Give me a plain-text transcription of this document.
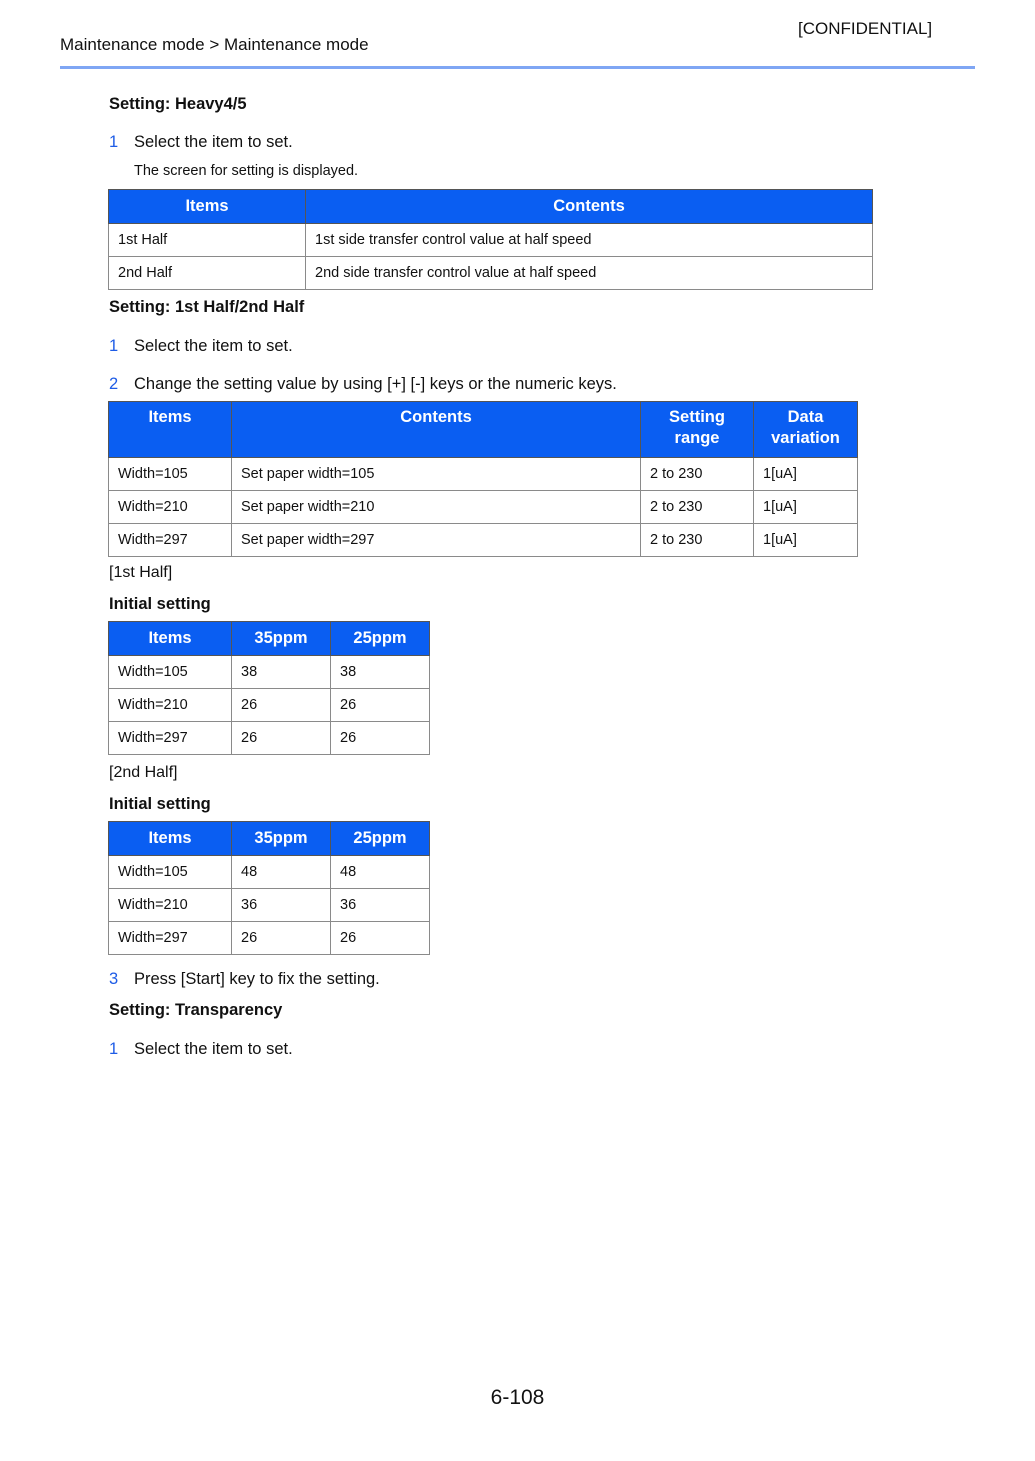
[CONFIDENTIAL]
Maintenance mode > Maintenance mode
Setting: Heavy4/5
1 Select the item to set.
The screen for setting is displayed.
Items	Contents
1st Half	1st side transfer control value at half speed
2nd Half	2nd side transfer control value at half speed
Setting: 1st Half/2nd Half
1 Select the item to set.
2 Change the setting value by using [+] [-] keys or the numeric keys.
Items	Contents	Setting range	Data variation
Width=105	Set paper width=105	2 to 230	1[uA]
Width=210	Set paper width=210	2 to 230	1[uA]
Width=297	Set paper width=297	2 to 230	1[uA]
[1st Half]
Initial setting
Items	35ppm	25ppm
Width=105	38	38
Width=210	26	26
Width=297	26	26
[2nd Half]
Initial setting
Items	35ppm	25ppm
Width=105	48	48
Width=210	36	36
Width=297	26	26
3 Press [Start] key to fix the setting.
Setting: Transparency
1 Select the item to set.
6-108
